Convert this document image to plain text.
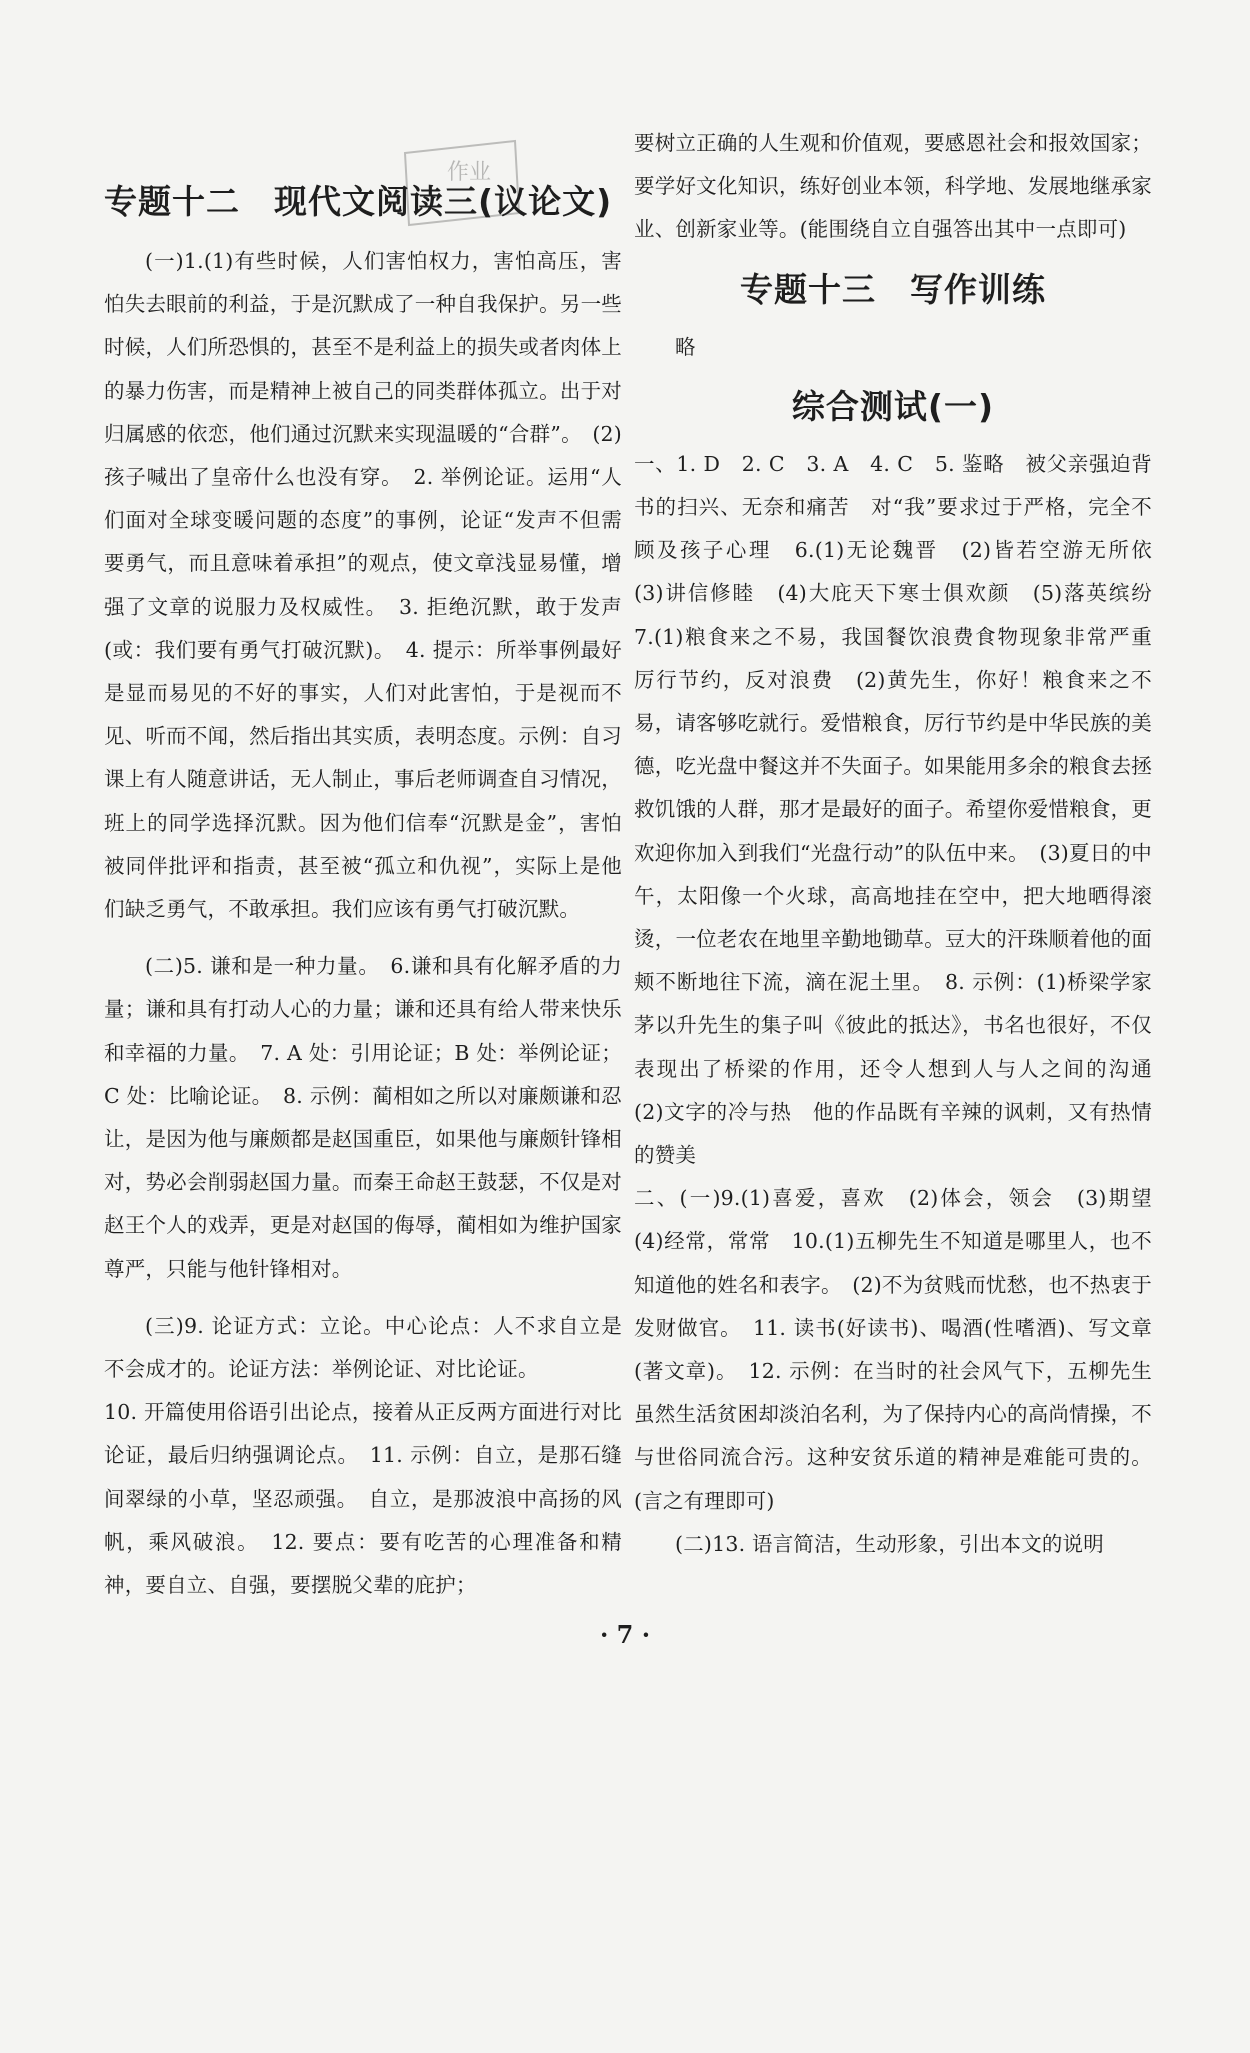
作业
专题十二　现代文阅读三(议论文)

(一)1.(1)有些时候，人们害怕权力，害怕高压，害怕失去眼前的利益，于是沉默成了一种自我保护。另一些时候，人们所恐惧的，甚至不是利益上的损失或者肉体上的暴力伤害，而是精神上被自己的同类群体孤立。出于对归属感的依恋，他们通过沉默来实现温暖的“合群”。　(2)孩子喊出了皇帝什么也没有穿。　2. 举例论证。运用“人们面对全球变暖问题的态度”的事例，论证“发声不但需要勇气，而且意味着承担”的观点，使文章浅显易懂，增强了文章的说服力及权威性。　3. 拒绝沉默，敢于发声(或：我们要有勇气打破沉默)。　4. 提示：所举事例最好是显而易见的不好的事实，人们对此害怕，于是视而不见、听而不闻，然后指出其实质，表明态度。示例：自习课上有人随意讲话，无人制止，事后老师调查自习情况，班上的同学选择沉默。因为他们信奉“沉默是金”，害怕被同伴批评和指责，甚至被“孤立和仇视”，实际上是他们缺乏勇气，不敢承担。我们应该有勇气打破沉默。

(二)5. 谦和是一种力量。　6.谦和具有化解矛盾的力量；谦和具有打动人心的力量；谦和还具有给人带来快乐和幸福的力量。　7. A 处：引用论证；B 处：举例论证；C 处：比喻论证。　8. 示例：蔺相如之所以对廉颇谦和忍让，是因为他与廉颇都是赵国重臣，如果他与廉颇针锋相对，势必会削弱赵国力量。而秦王命赵王鼓瑟，不仅是对赵王个人的戏弄，更是对赵国的侮辱，蔺相如为维护国家尊严，只能与他针锋相对。

(三)9. 论证方式：立论。中心论点：人不求自立是不会成才的。论证方法：举例论证、对比论证。

10. 开篇使用俗语引出论点，接着从正反两方面进行对比论证，最后归纳强调论点。　11. 示例：自立，是那石缝间翠绿的小草，坚忍顽强。　自立，是那波浪中高扬的风帆，乘风破浪。　12. 要点：要有吃苦的心理准备和精神，要自立、自强，要摆脱父辈的庇护；

要树立正确的人生观和价值观，要感恩社会和报效国家；要学好文化知识，练好创业本领，科学地、发展地继承家业、创新家业等。(能围绕自立自强答出其中一点即可)

专题十三　写作训练

略

综合测试(一)

一、1. D　2. C　3. A　4. C　5. 鉴略　被父亲强迫背书的扫兴、无奈和痛苦　对“我”要求过于严格，完全不顾及孩子心理　6.(1)无论魏晋　(2)皆若空游无所依　(3)讲信修睦　(4)大庇天下寒士俱欢颜　(5)落英缤纷　7.(1)粮食来之不易，我国餐饮浪费食物现象非常严重　厉行节约，反对浪费　(2)黄先生，你好！粮食来之不易，请客够吃就行。爱惜粮食，厉行节约是中华民族的美德，吃光盘中餐这并不失面子。如果能用多余的粮食去拯救饥饿的人群，那才是最好的面子。希望你爱惜粮食，更欢迎你加入到我们“光盘行动”的队伍中来。　(3)夏日的中午，太阳像一个火球，高高地挂在空中，把大地晒得滚烫，一位老农在地里辛勤地锄草。豆大的汗珠顺着他的面颊不断地往下流，滴在泥土里。　8. 示例：(1)桥梁学家茅以升先生的集子叫《彼此的抵达》，书名也很好，不仅表现出了桥梁的作用，还令人想到人与人之间的沟通　(2)文字的冷与热　他的作品既有辛辣的讽刺，又有热情的赞美

二、(一)9.(1)喜爱，喜欢　(2)体会，领会　(3)期望　(4)经常，常常　10.(1)五柳先生不知道是哪里人，也不知道他的姓名和表字。　(2)不为贫贱而忧愁，也不热衷于发财做官。　11. 读书(好读书)、喝酒(性嗜酒)、写文章(著文章)。　12. 示例：在当时的社会风气下，五柳先生虽然生活贫困却淡泊名利，为了保持内心的高尚情操，不与世俗同流合污。这种安贫乐道的精神是难能可贵的。(言之有理即可)

(二)13. 语言简洁，生动形象，引出本文的说明

· 7 ·
